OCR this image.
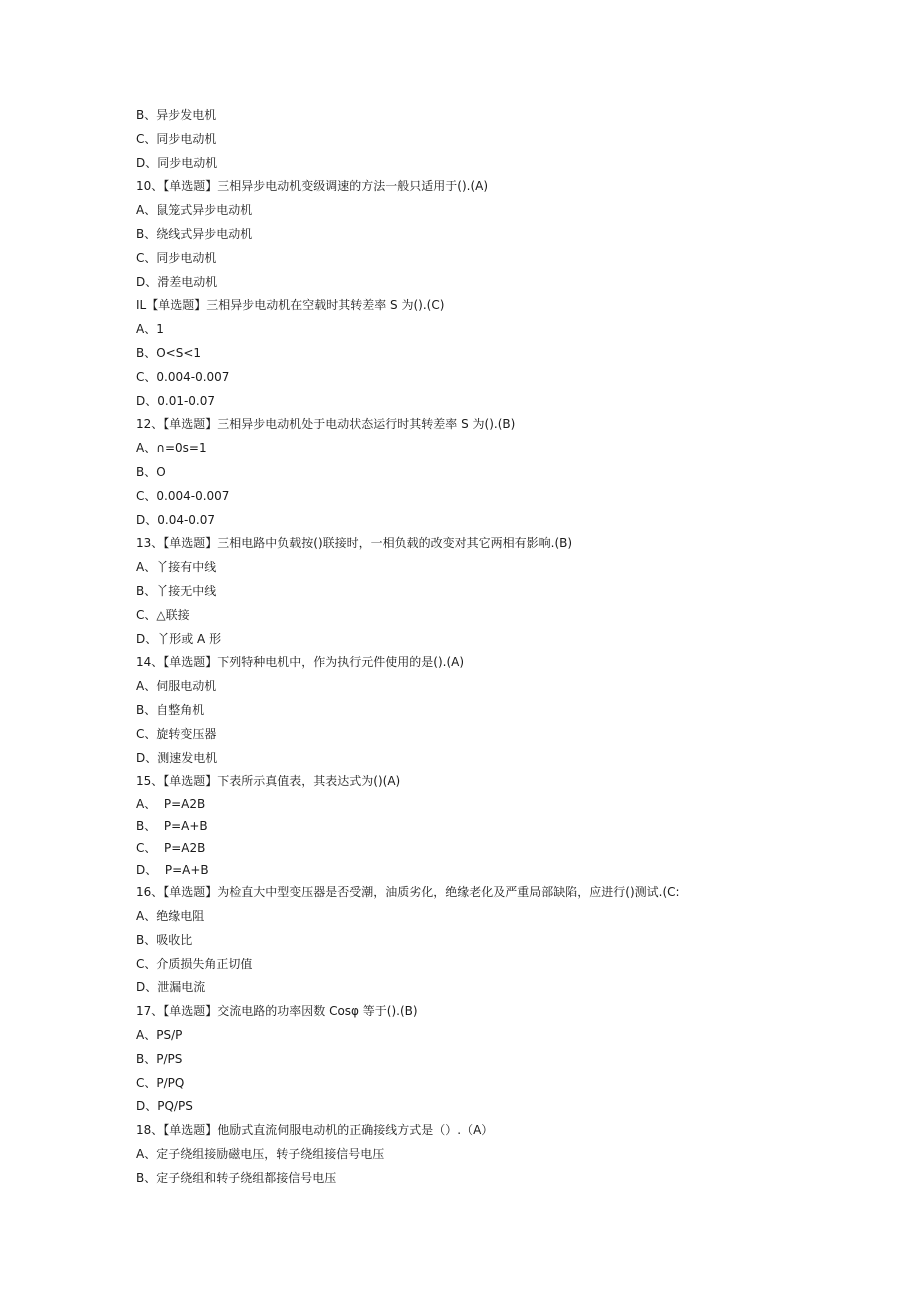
B、异步发电机
C、同步电动机
D、同步电动机
10、【单选题】三相异步电动机变级调速的方法一般只适用于().(A)
A、鼠笼式异步电动机
B、绕线式异步电动机
C、同步电动机
D、滑差电动机
IL【单选题】三相异步电动机在空载时其转差率 S 为().(C)
A、1
B、O<S<1
C、0.004-0.007
D、0.01-0.07
12、【单选题】三相异步电动机处于电动状态运行时其转差率 S 为().(B)
A、∩=0s=1
B、O
C、0.004-0.007
D、0.04-0.07
13、【单选题】三相电路中负载按()联接时，一相负载的改变对其它两相有影响.(B)
A、丫接有中线
B、丫接无中线
C、△联接
D、丫形或 A 形
14、【单选题】下列特种电机中，作为执行元件使用的是().(A)
A、伺服电动机
B、自整角机
C、旋转变压器
D、测速发电机
15、【单选题】下表所示真值表，其表达式为()(A)
A、  P=A2B
B、  P=A+B
C、  P=A2B
D、  P=A+B
16、【单选题】为检直大中型变压器是否受潮，油质劣化，绝缘老化及严重局部缺陷，应进行()测试.(C:
A、绝缘电阻
B、吸收比
C、介质损失角正切值
D、泄漏电流
17、【单选题】交流电路的功率因数 Cosφ 等于().(B)
A、PS/P
B、P/PS
C、P/PQ
D、PQ/PS
18、【单选题】他励式直流伺服电动机的正确接线方式是（）.（A）
A、定子绕组接励磁电压，转子绕组接信号电压
B、定子绕组和转子绕组都接信号电压
